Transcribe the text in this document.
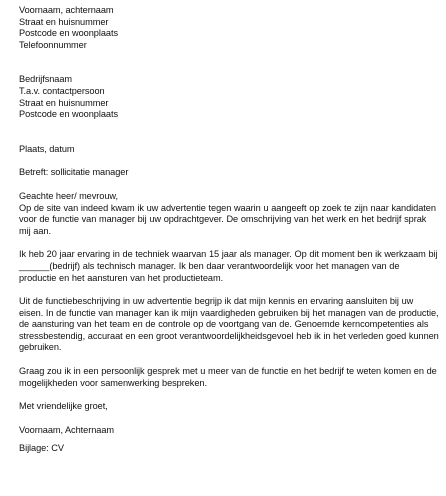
Voornaam, achternaam
Straat en huisnummer
Postcode en woonplaats
Telefoonnummer
Bedrijfsnaam
T.a.v. contactpersoon
Straat en huisnummer
Postcode en woonplaats
Plaats, datum
Betreft: sollicitatie manager
Geachte heer/ mevrouw,
Op de site van indeed kwam ik uw advertentie tegen waarin u aangeeft op zoek te zijn naar kandidaten voor de functie van manager bij uw opdrachtgever. De omschrijving van het werk en het bedrijf sprak mij aan.
Ik heb 20 jaar ervaring in de techniek waarvan 15 jaar als manager. Op dit moment ben ik werkzaam bij ______(bedrijf) als technisch manager. Ik ben daar verantwoordelijk voor het managen van de productie en het aansturen van het productieteam.
Uit de functiebeschrijving in uw advertentie begrijp ik dat mijn kennis en ervaring aansluiten bij uw eisen. In de functie van manager kan ik mijn vaardigheden gebruiken bij het managen van de productie, de aansturing van het team en de controle op de voortgang van de. Genoemde kerncompetenties als stressbestendig, accuraat en een groot verantwoordelijkheidsgevoel heb ik in het verleden goed kunnen gebruiken.
Graag zou ik in een persoonlijk gesprek met u meer van de functie en het bedrijf te weten komen en de mogelijkheden voor samenwerking bespreken.
Met vriendelijke groet,
Voornaam, Achternaam
Bijlage: CV
